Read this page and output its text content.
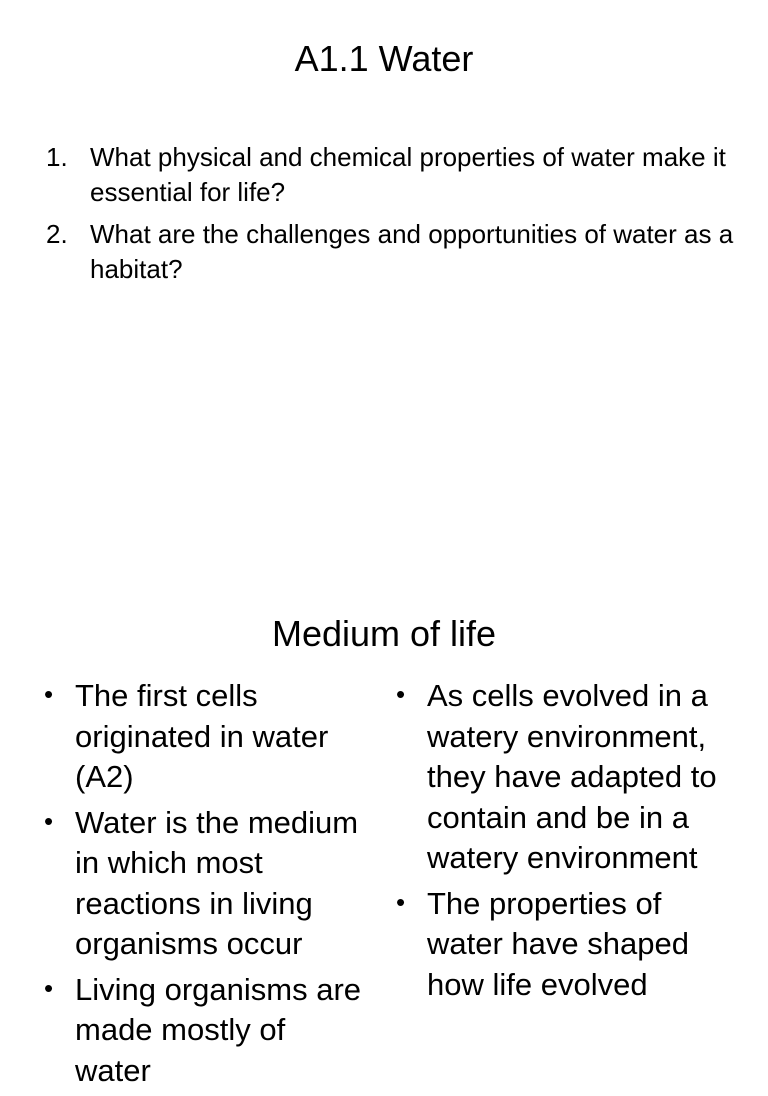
A1.1 Water
1. What physical and chemical properties of water make it essential for life?
2. What are the challenges and opportunities of water as a habitat?
Medium of life
• The first cells originated in water (A2)
• Water is the medium in which most reactions in living organisms occur
• Living organisms are made mostly of water
• As cells evolved in a watery environment, they have adapted to contain and be in a watery environment
• The properties of water have shaped how life evolved
